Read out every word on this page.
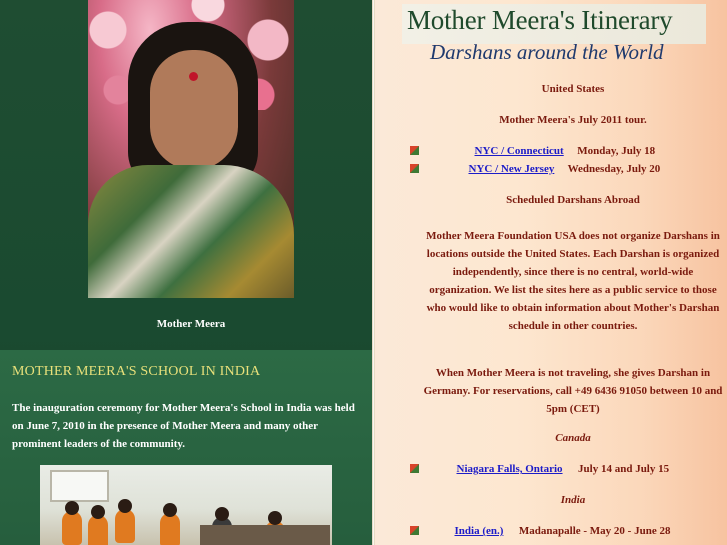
Mother Meera
MOTHER MEERA'S SCHOOL IN INDIA
The inauguration ceremony for Mother Meera's School in India was held on June 7, 2010 in the presence of Mother Meera and many other prominent leaders of the community.
Mother Meera's Itinerary
Darshans around the World
United States
Mother Meera's July 2011 tour.
NYC / Connecticut Monday, July 18
NYC / New Jersey Wednesday, July 20
Scheduled Darshans Abroad
Mother Meera Foundation USA does not organize Darshans in locations outside the United States. Each Darshan is organized independently, since there is no central, world-wide organization. We list the sites here as a public service to those who would like to obtain information about Mother's Darshan schedule in other countries.
When Mother Meera is not traveling, she gives Darshan in Germany. For reservations, call +49 6436 91050 between 10 and 5pm (CET)
Canada
Niagara Falls, Ontario July 14 and July 15
India
India (en.) Madanapalle - May 20 - June 28
